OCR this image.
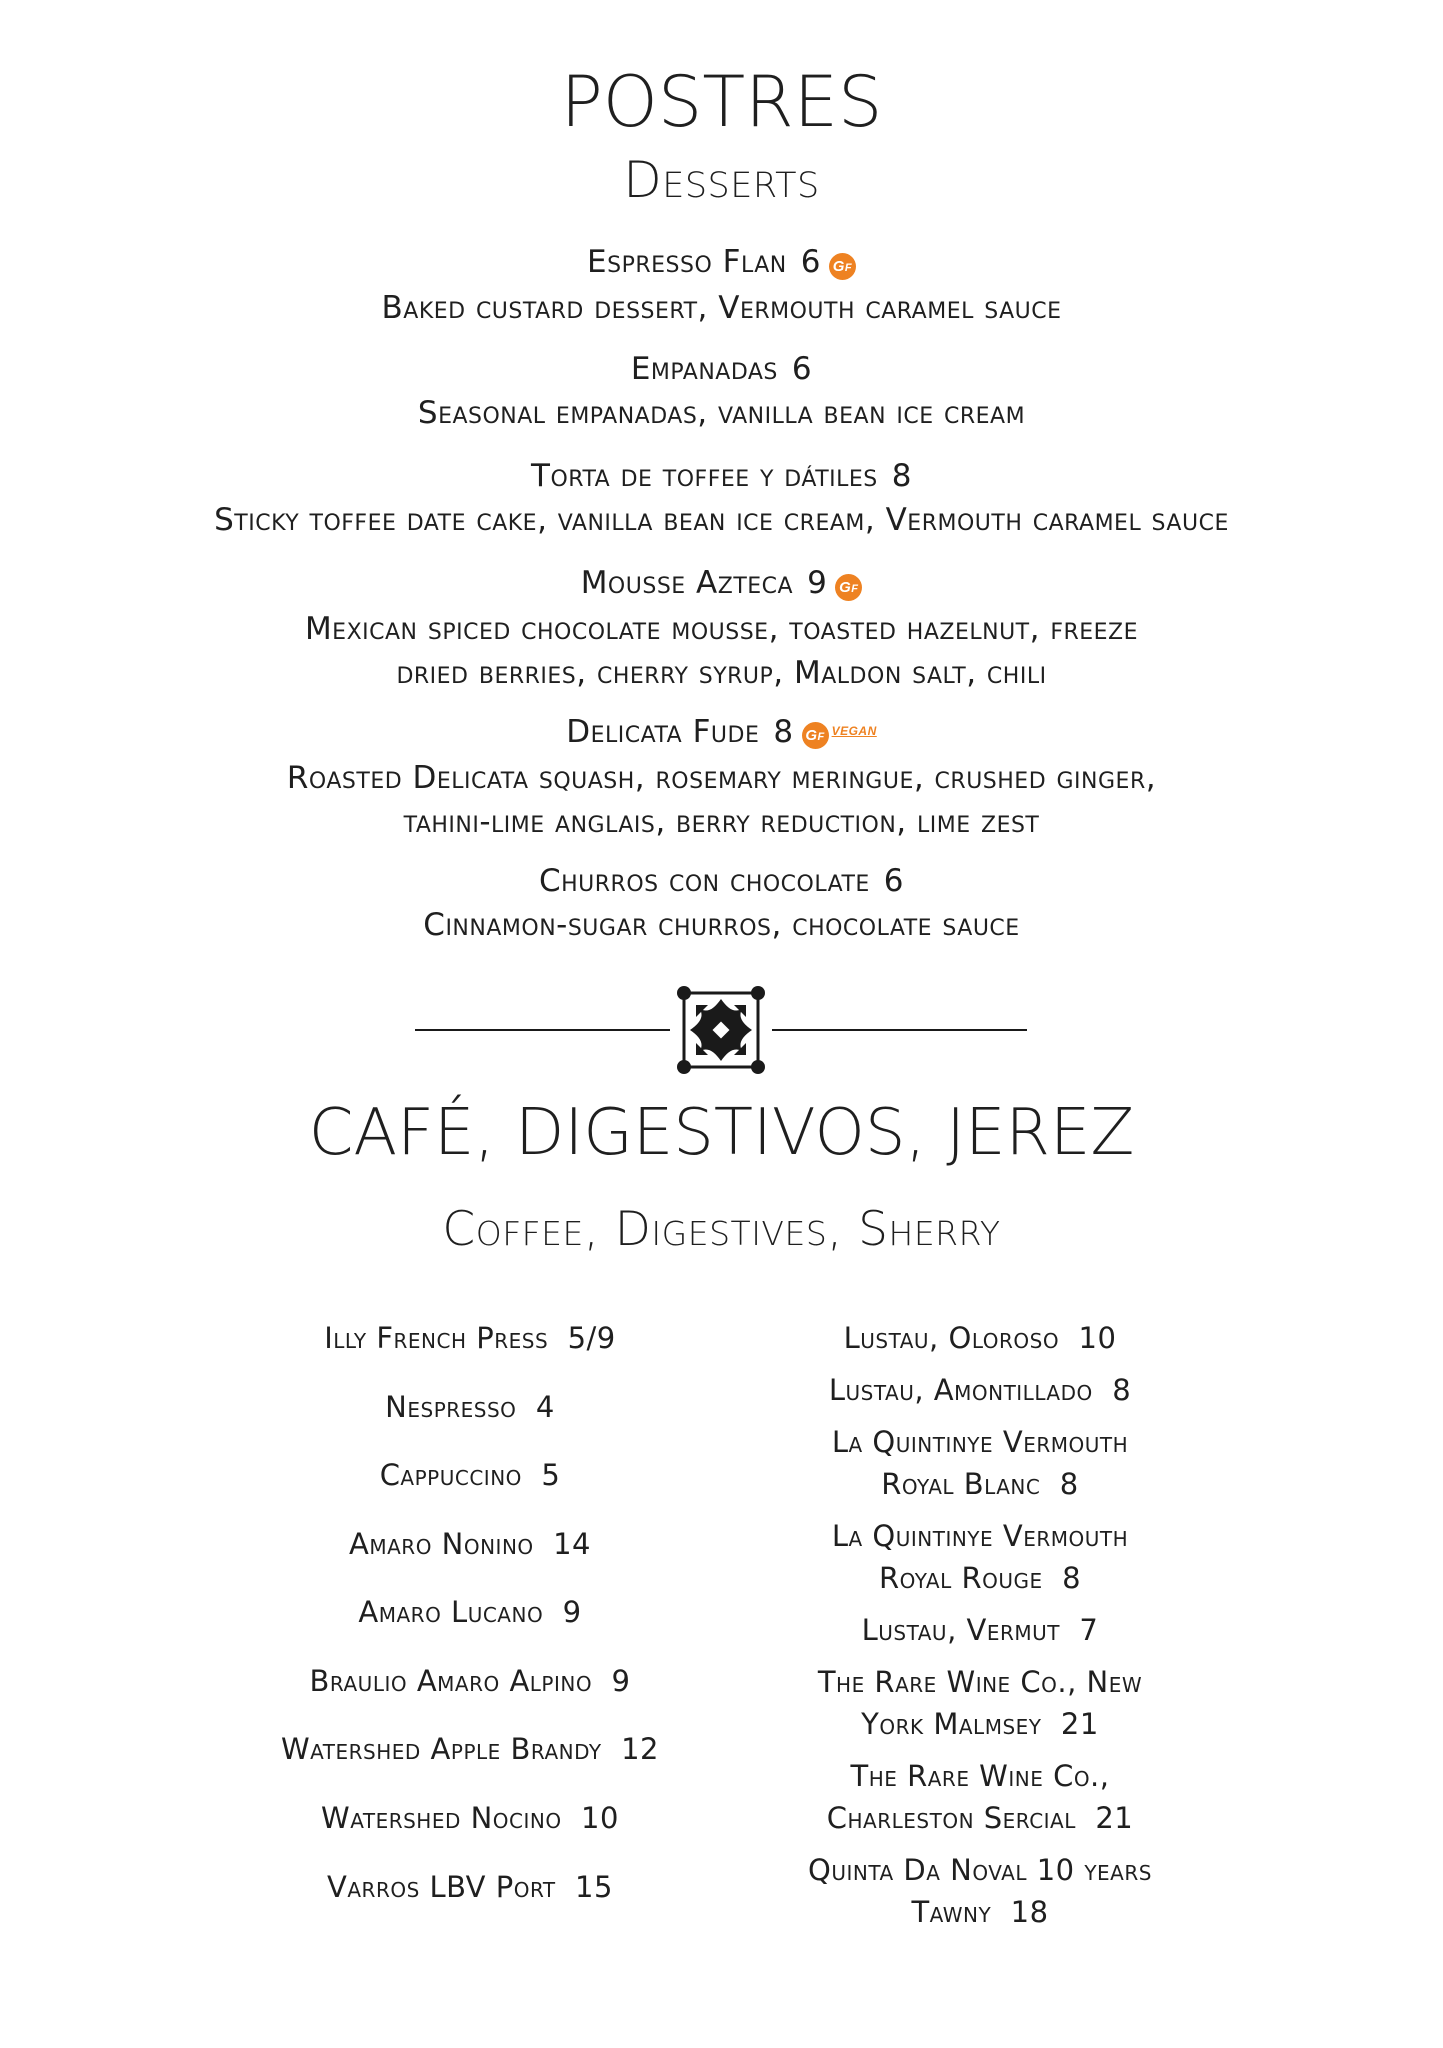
POSTRES
Desserts
Espresso Flan 6 Gf
Baked custard dessert, Vermouth caramel sauce
Empanadas 6
Seasonal empanadas, vanilla bean ice cream
Torta de toffee y dátiles 8
Sticky toffee date cake, vanilla bean ice cream, Vermouth caramel sauce
Mousse Azteca 9 Gf
Mexican spiced chocolate mousse, toasted hazelnut, freeze
dried berries, cherry syrup, Maldon salt, chili
Delicata Fude 8 Gf VEGAN
Roasted Delicata squash, rosemary meringue, crushed ginger,
tahini-lime anglais, berry reduction, lime zest
Churros con chocolate 6
Cinnamon-sugar churros, chocolate sauce
CAFÉ, DIGESTIVOS, JEREZ
Coffee, Digestives, Sherry
Illy French Press  5/9
Nespresso  4
Cappuccino  5
Amaro Nonino  14
Amaro Lucano  9
Braulio Amaro Alpino  9
Watershed Apple Brandy  12
Watershed Nocino  10
Varros LBV Port  15
Lustau, Oloroso  10
Lustau, Amontillado  8
La Quintinye Vermouth
Royal Blanc  8
La Quintinye Vermouth
Royal Rouge  8
Lustau, Vermut  7
The Rare Wine Co., New
York Malmsey  21
The Rare Wine Co.,
Charleston Sercial  21
Quinta Da Noval 10 years
Tawny  18
